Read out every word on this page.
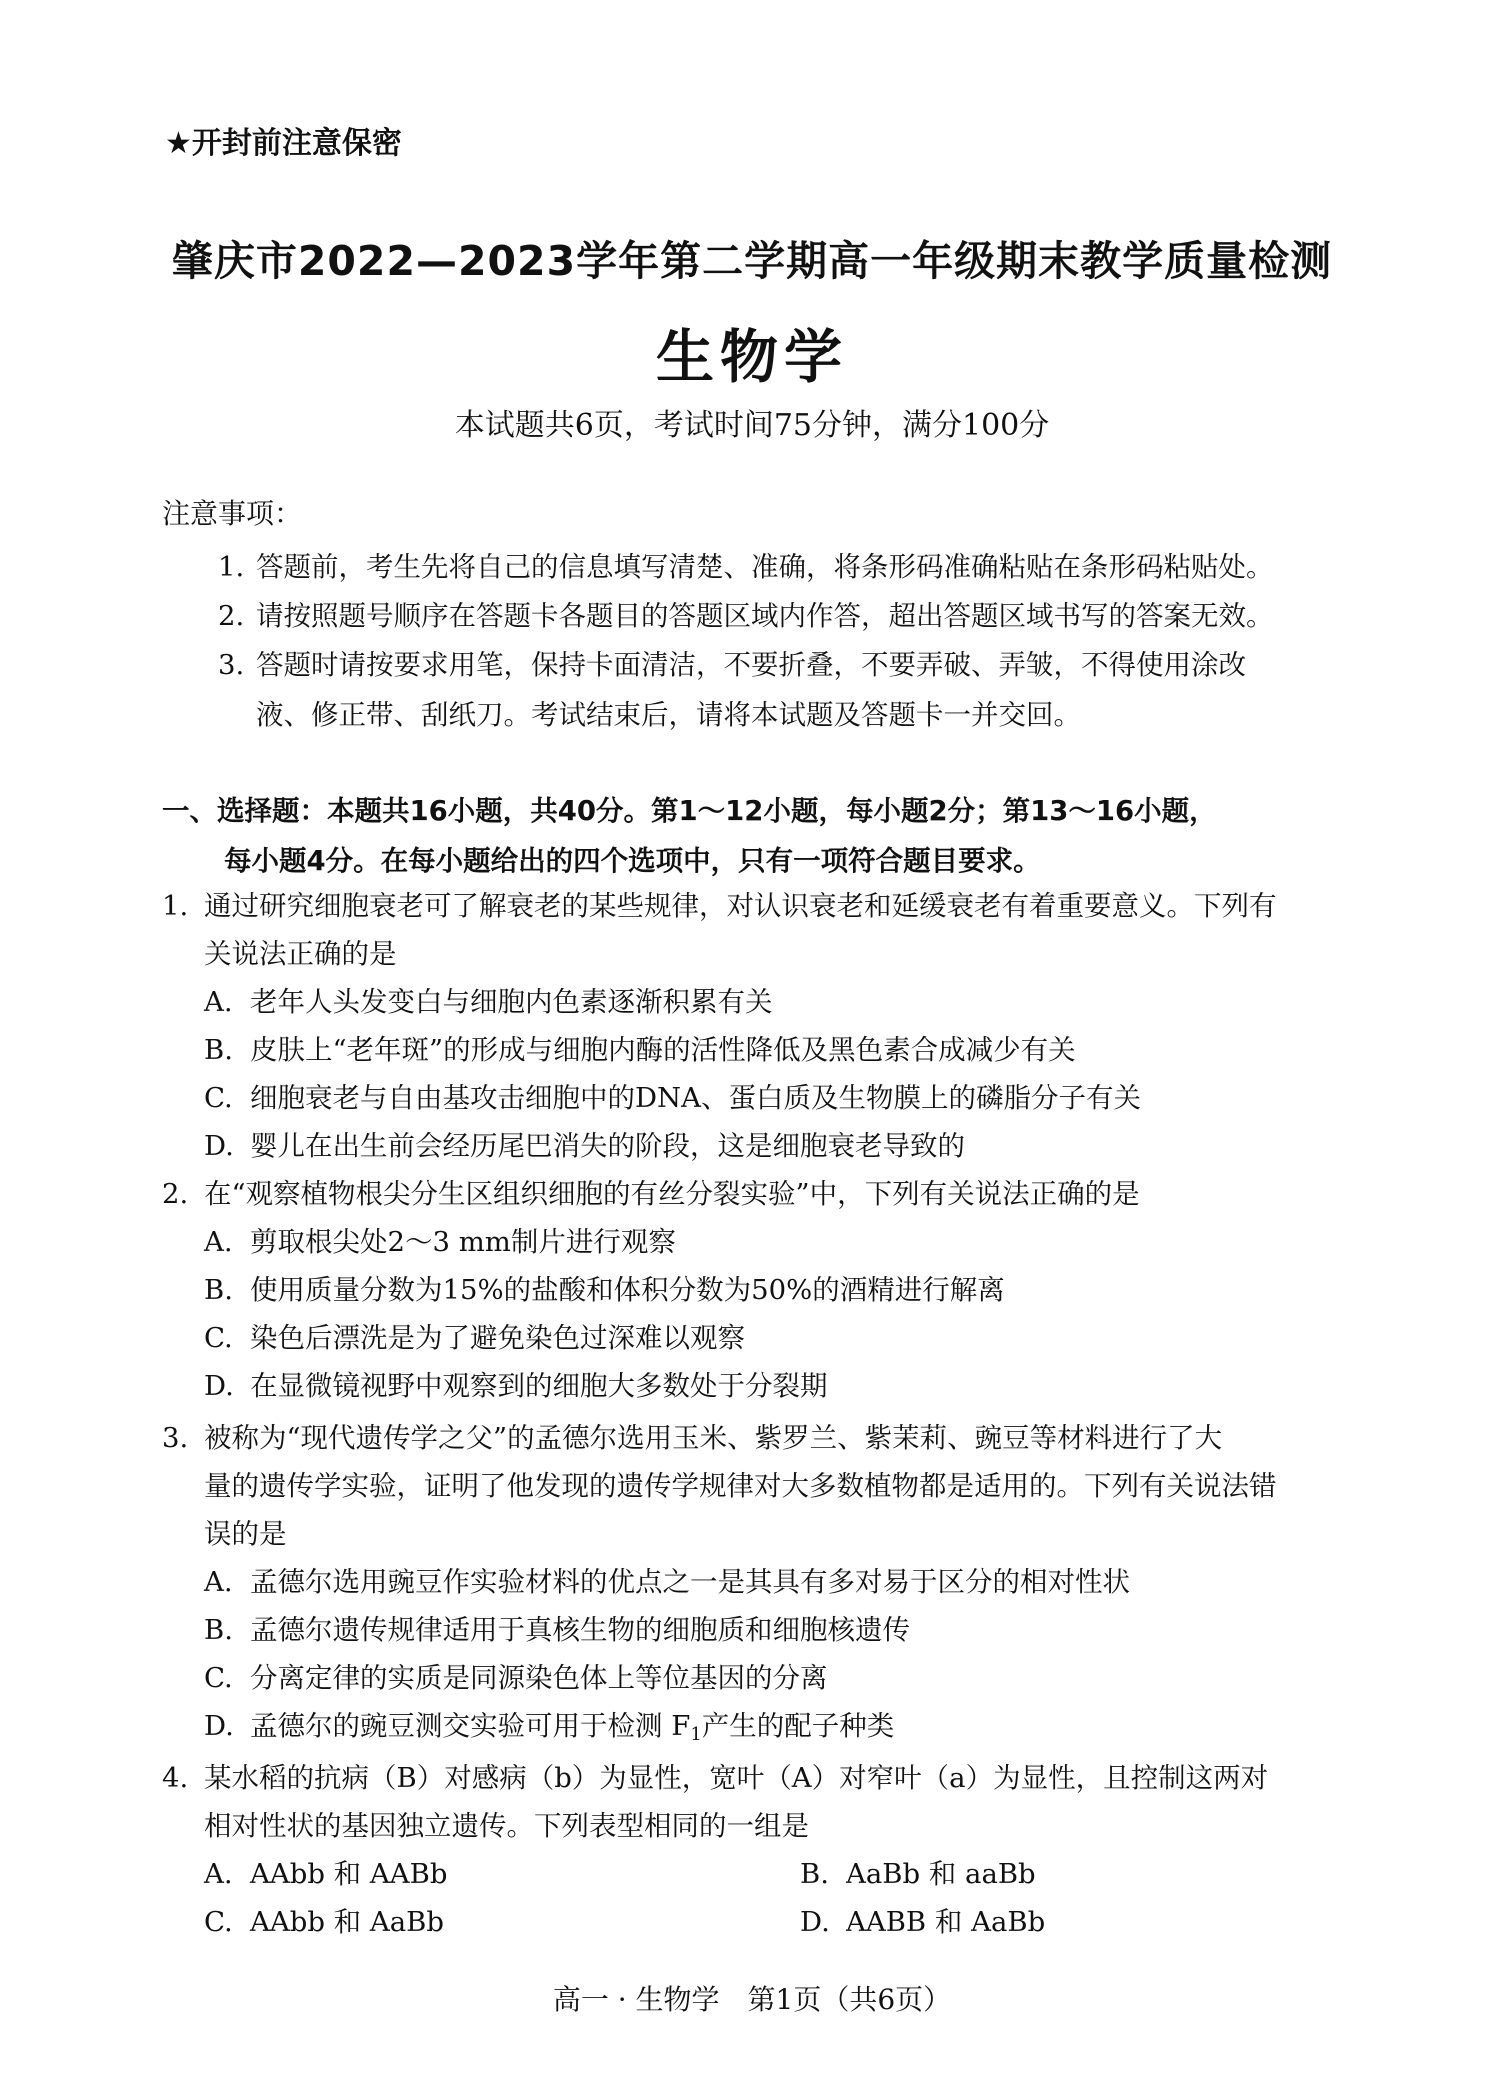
★开封前注意保密
肇庆市2022—2023学年第二学期高一年级期末教学质量检测
生物学
本试题共6页，考试时间75分钟，满分100分
注意事项：
1. 答题前，考生先将自己的信息填写清楚、准确，将条形码准确粘贴在条形码粘贴处。
2. 请按照题号顺序在答题卡各题目的答题区域内作答，超出答题区域书写的答案无效。
3. 答题时请按要求用笔，保持卡面清洁，不要折叠，不要弄破、弄皱，不得使用涂改
液、修正带、刮纸刀。考试结束后，请将本试题及答题卡一并交回。
一、选择题：本题共16小题，共40分。第1～12小题，每小题2分；第13～16小题，
每小题4分。在每小题给出的四个选项中，只有一项符合题目要求。
1. 通过研究细胞衰老可了解衰老的某些规律，对认识衰老和延缓衰老有着重要意义。下列有
关说法正确的是
A. 老年人头发变白与细胞内色素逐渐积累有关
B. 皮肤上“老年斑”的形成与细胞内酶的活性降低及黑色素合成减少有关
C. 细胞衰老与自由基攻击细胞中的DNA、蛋白质及生物膜上的磷脂分子有关
D. 婴儿在出生前会经历尾巴消失的阶段，这是细胞衰老导致的
2. 在“观察植物根尖分生区组织细胞的有丝分裂实验”中，下列有关说法正确的是
A. 剪取根尖处2～3 mm制片进行观察
B. 使用质量分数为15%的盐酸和体积分数为50%的酒精进行解离
C. 染色后漂洗是为了避免染色过深难以观察
D. 在显微镜视野中观察到的细胞大多数处于分裂期
3. 被称为“现代遗传学之父”的孟德尔选用玉米、紫罗兰、紫茉莉、豌豆等材料进行了大
量的遗传学实验，证明了他发现的遗传学规律对大多数植物都是适用的。下列有关说法错
误的是
A. 孟德尔选用豌豆作实验材料的优点之一是其具有多对易于区分的相对性状
B. 孟德尔遗传规律适用于真核生物的细胞质和细胞核遗传
C. 分离定律的实质是同源染色体上等位基因的分离
D. 孟德尔的豌豆测交实验可用于检测 $F_1$产生的配子种类
4. 某水稻的抗病（B）对感病（b）为显性，宽叶（A）对窄叶（a）为显性，且控制这两对
相对性状的基因独立遗传。下列表型相同的一组是
A. AAbb 和 AABb	B. AaBb 和 aaBb
C. AAbb 和 AaBb	D. AABB 和 AaBb
高一 · 生物学　第1页（共6页）
